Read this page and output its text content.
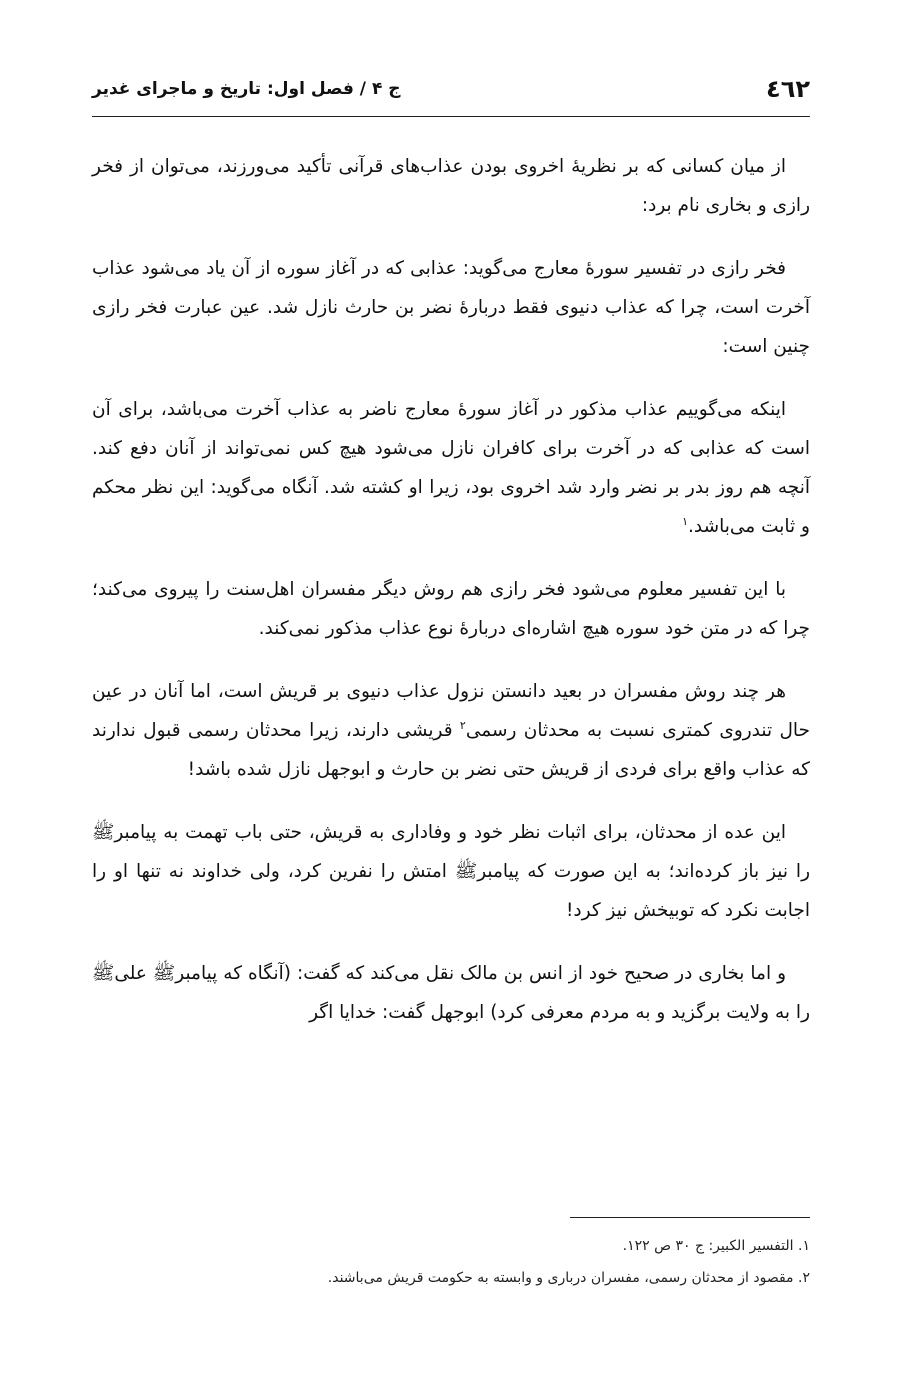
٤٦٢
ج ۴ / فصل اول: تاریخ و ماجرای غدیر

از میان کسانی که بر نظریهٔ اخروی بودن عذاب‌های قرآنی تأکید می‌ورزند، می‌توان از فخر رازی و بخاری نام برد:

فخر رازی در تفسیر سورهٔ معارج می‌گوید: عذابی که در آغاز سوره از آن یاد می‌شود عذاب آخرت است، چرا که عذاب دنیوی فقط دربارهٔ نضر بن حارث نازل شد. عین عبارت فخر رازی چنین است:

اینکه می‌گوییم عذاب مذکور در آغاز سورهٔ معارج ناضر به عذاب آخرت می‌باشد، برای آن است که عذابی که در آخرت برای کافران نازل می‌شود هیچ کس نمی‌تواند از آنان دفع کند. آنچه هم روز بدر بر نضر وارد شد اخروی بود، زیرا او کشته شد. آنگاه می‌گوید: این نظر محکم و ثابت می‌باشد.$^۱$

با این تفسیر معلوم می‌شود فخر رازی هم روش دیگر مفسران اهل‌سنت را پیروی می‌کند؛ چرا که در متن خود سوره هیچ اشاره‌ای دربارهٔ نوع عذاب مذکور نمی‌کند.

هر چند روش مفسران در بعید دانستن نزول عذاب دنیوی بر قریش است، اما آنان در عین حال تندروی کمتری نسبت به محدثان رسمی$^۲$ قریشی دارند، زیرا محدثان رسمی قبول ندارند که عذاب واقع برای فردی از قریش حتی نضر بن حارث و ابوجهل نازل شده باشد!

این عده از محدثان، برای اثبات نظر خود و وفاداری به قریش، حتی باب تهمت به پیامبرﷺ را نیز باز کرده‌اند؛ به این صورت که پیامبرﷺ امتش را نفرین کرد، ولی خداوند نه تنها او را اجابت نکرد که توبیخش نیز کرد!

و اما بخاری در صحیح خود از انس بن مالک نقل می‌کند که گفت: (آنگاه که پیامبرﷺ علی‌ﷺ را به ولایت برگزید و به مردم معرفی کرد) ابوجهل گفت: خدایا اگر

۱. التفسیر الکبیر: ج ۳۰ ص ۱۲۲.
۲. مقصود از محدثان رسمی، مفسران درباری و وابسته به حکومت قریش می‌باشند.
